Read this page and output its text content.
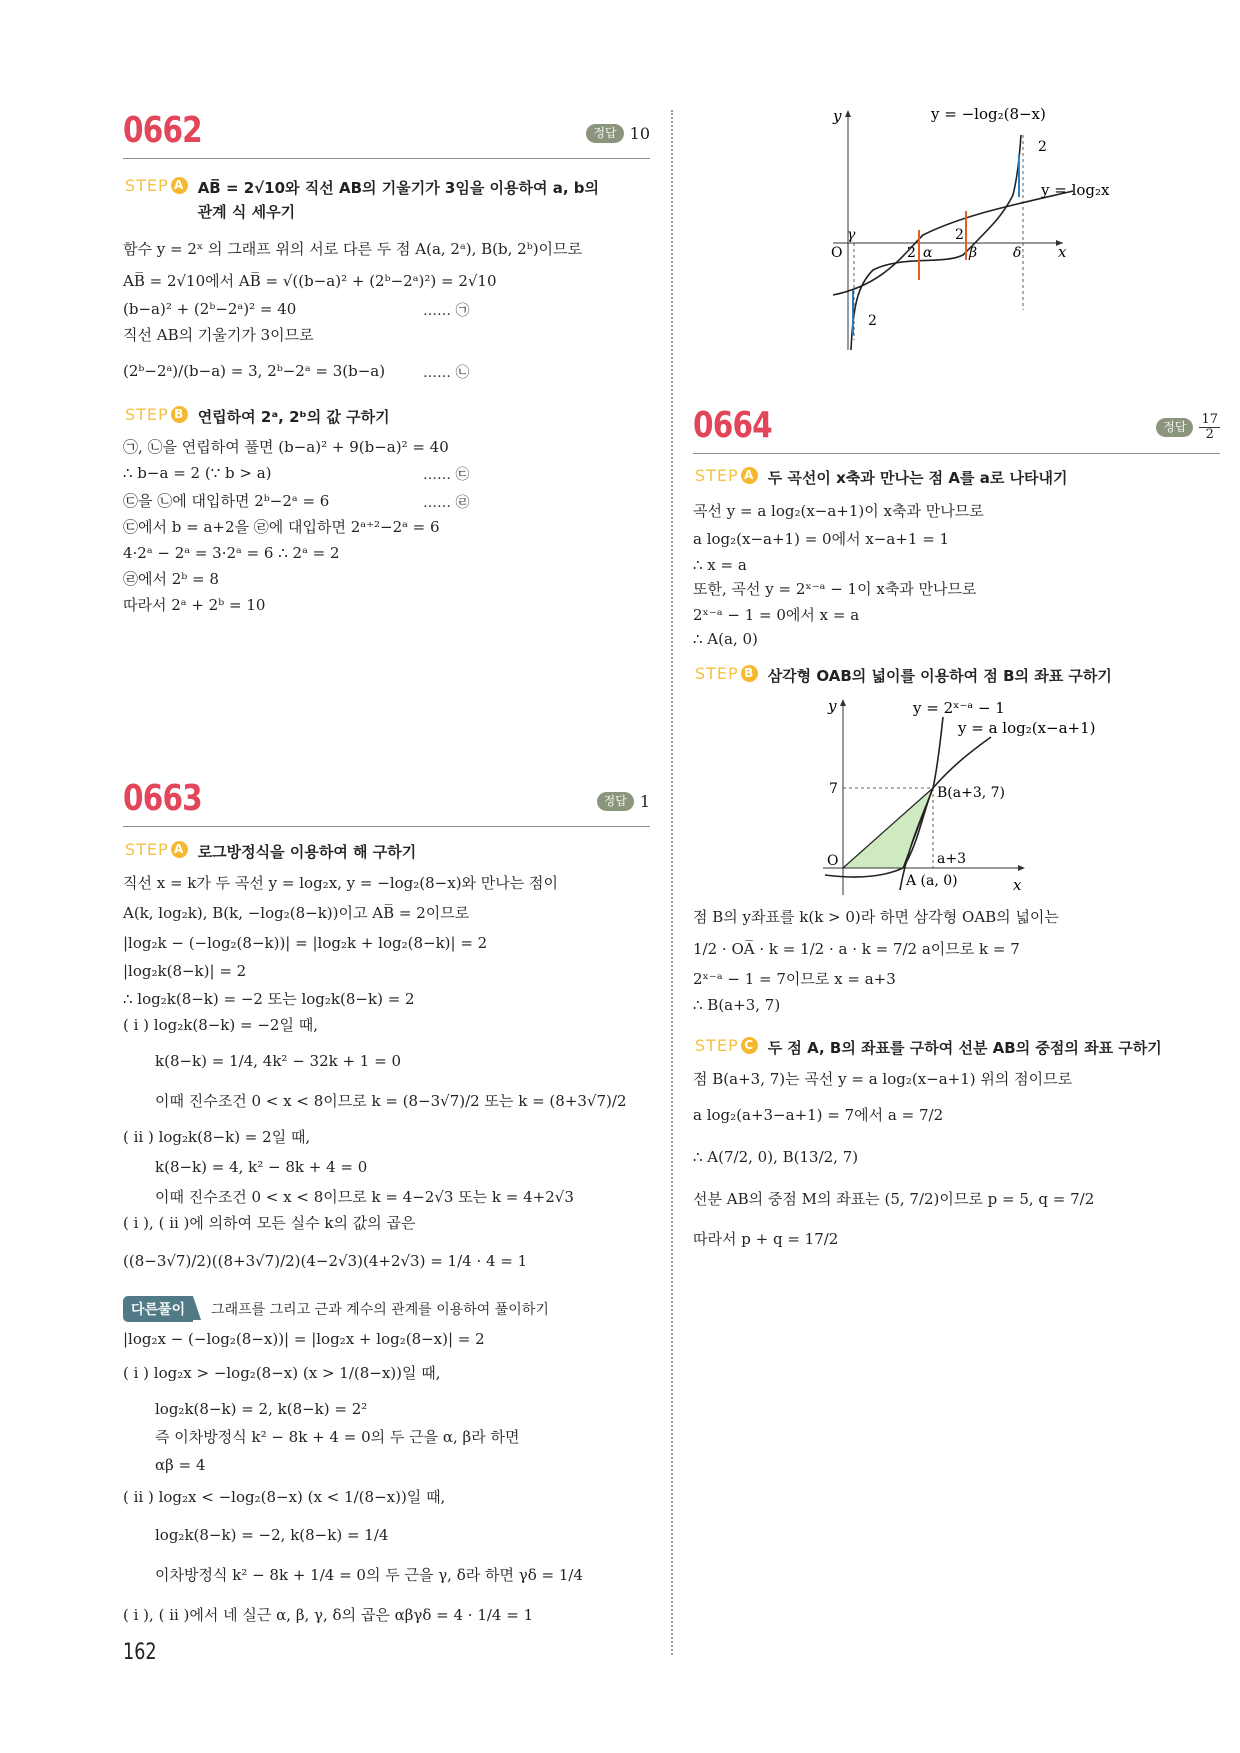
0662	정답 10
STEP A AB̅ = 2√10와 직선 AB의 기울기가 3임을 이용하여 a, b의 관계 식 세우기
함수 y = 2ˣ 의 그래프 위의 서로 다른 두 점 A(a, 2ᵃ), B(b, 2ᵇ)이므로
AB̅ = 2√10에서 AB̅ = √((b−a)² + (2ᵇ−2ᵃ)²) = 2√10
(b−a)² + (2ᵇ−2ᵃ)² = 40	…… ㉠
직선 AB의 기울기가 3이므로
(2ᵇ−2ᵃ)/(b−a) = 3, 2ᵇ−2ᵃ = 3(b−a)	…… ㉡
STEP B 연립하여 2ᵃ, 2ᵇ의 값 구하기
㉠, ㉡을 연립하여 풀면 (b−a)² + 9(b−a)² = 40
∴ b−a = 2 (∵ b > a)	…… ㉢
㉢을 ㉡에 대입하면 2ᵇ−2ᵃ = 6	…… ㉣
㉢에서 b = a+2을 ㉣에 대입하면 2ᵃ⁺²−2ᵃ = 6
4·2ᵃ − 2ᵃ = 3·2ᵃ = 6 ∴ 2ᵃ = 2
㉣에서 2ᵇ = 8
따라서 2ᵃ + 2ᵇ = 10
0663	정답 1
STEP A 로그방정식을 이용하여 해 구하기
직선 x = k가 두 곡선 y = log₂x, y = −log₂(8−x)와 만나는 점이
A(k, log₂k), B(k, −log₂(8−k))이고 AB̅ = 2이므로
|log₂k − (−log₂(8−k))| = |log₂k + log₂(8−k)| = 2
|log₂k(8−k)| = 2
∴ log₂k(8−k) = −2 또는 log₂k(8−k) = 2
( i ) log₂k(8−k) = −2일 때,
k(8−k) = 1/4, 4k² − 32k + 1 = 0
이때 진수조건 0 < x < 8이므로 k = (8−3√7)/2 또는 k = (8+3√7)/2
( ii ) log₂k(8−k) = 2일 때,
k(8−k) = 4, k² − 8k + 4 = 0
이때 진수조건 0 < x < 8이므로 k = 4−2√3 또는 k = 4+2√3
( i ), ( ii )에 의하여 모든 실수 k의 값의 곱은
((8−3√7)/2)((8+3√7)/2)(4−2√3)(4+2√3) = 1/4 · 4 = 1
다른풀이	그래프를 그리고 근과 계수의 관계를 이용하여 풀이하기
|log₂x − (−log₂(8−x))| = |log₂x + log₂(8−x)| = 2
( i ) log₂x > −log₂(8−x) (x > 1/(8−x))일 때,
log₂k(8−k) = 2, k(8−k) = 2²
즉 이차방정식 k² − 8k + 4 = 0의 두 근을 α, β라 하면
αβ = 4
( ii ) log₂x < −log₂(8−x) (x < 1/(8−x))일 때,
log₂k(8−k) = −2, k(8−k) = 1/4
이차방정식 k² − 8k + 1/4 = 0의 두 근을 γ, δ라 하면 γδ = 1/4
( i ), ( ii )에서 네 실근 α, β, γ, δ의 곱은 αβγδ = 4 · 1/4 = 1
162
y
x
O
γ
α	β	δ
2
2
2
2
y = −log₂(8−x)
y = log₂x
0664	정답	$\frac{17}{2}$
STEP A 두 곡선이 x축과 만나는 점 A를 a로 나타내기
곡선 y = a log₂(x−a+1)이 x축과 만나므로
a log₂(x−a+1) = 0에서 x−a+1 = 1
∴ x = a
또한, 곡선 y = 2ˣ⁻ᵃ − 1이 x축과 만나므로
2ˣ⁻ᵃ − 1 = 0에서 x = a
∴ A(a, 0)
STEP B 삼각형 OAB의 넓이를 이용하여 점 B의 좌표 구하기
y
x
O
7	B(a+3, 7)
A (a, 0)
a+3
y = 2ˣ⁻ᵃ − 1
y = a log₂(x−a+1)
점 B의 y좌표를 k(k > 0)라 하면 삼각형 OAB의 넓이는
1/2 · OA̅ · k = 1/2 · a · k = 7/2 a이므로 k = 7
2ˣ⁻ᵃ − 1 = 7이므로 x = a+3
∴ B(a+3, 7)
STEP C 두 점 A, B의 좌표를 구하여 선분 AB의 중점의 좌표 구하기
점 B(a+3, 7)는 곡선 y = a log₂(x−a+1) 위의 점이므로
a log₂(a+3−a+1) = 7에서 a = 7/2
∴ A(7/2, 0), B(13/2, 7)
선분 AB의 중점 M의 좌표는 (5, 7/2)이므로 p = 5, q = 7/2
따라서 p + q = 17/2
